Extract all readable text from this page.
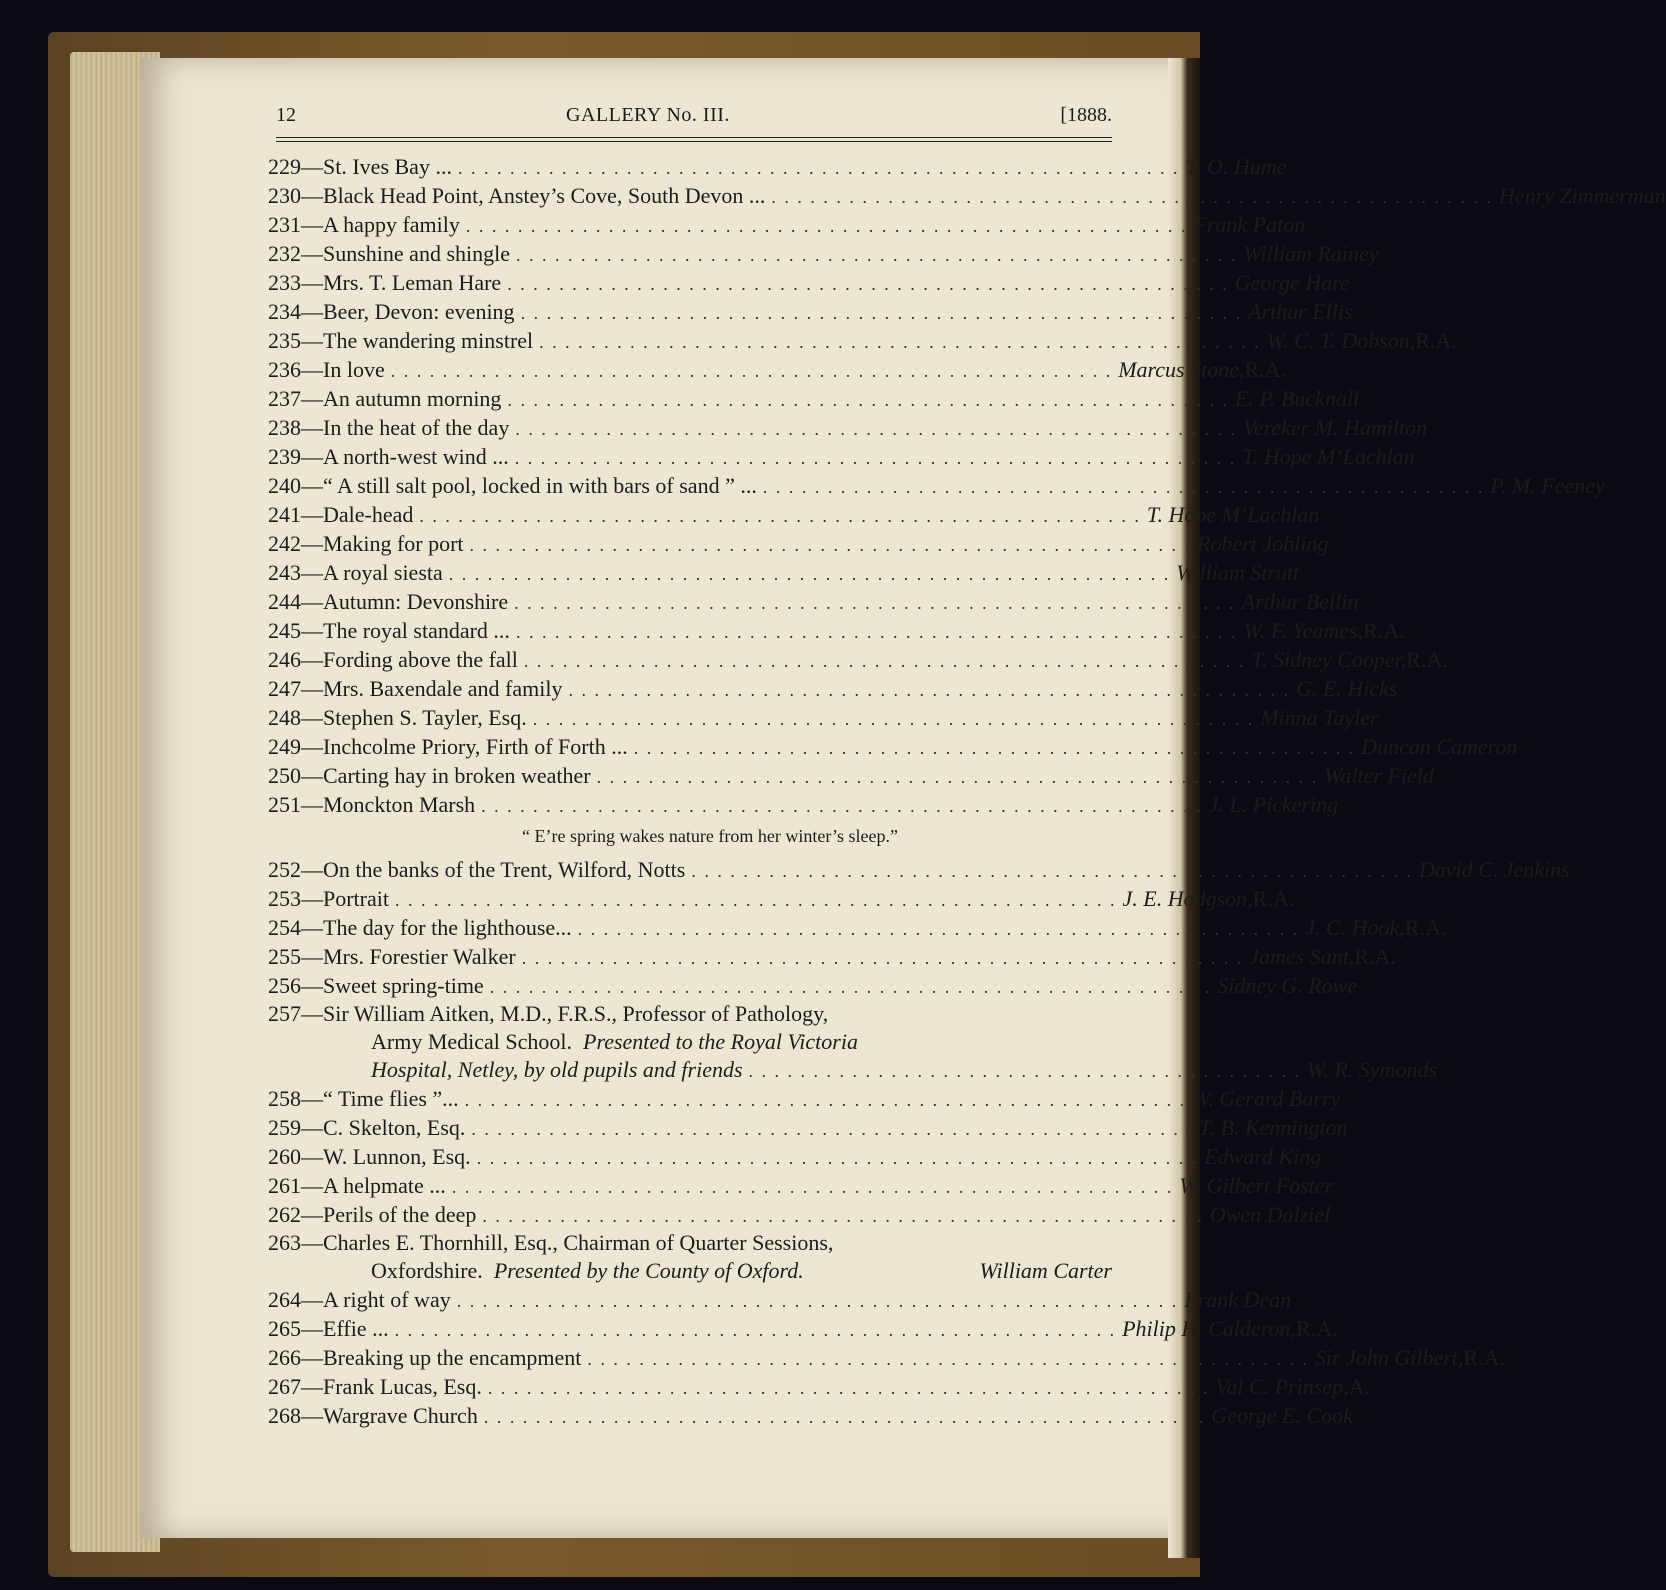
12	GALLERY No. III.	[1888.
229— St. Ives Bay ... . . . . . . . . . . . . . . . . . . . . . . . . . . . . . . . . . . . . . . . . . . . . . . . . . . . . . . . . T. O. Hume
230— Black Head Point, Anstey’s Cove, South Devon ... . . . . . . . . . . . . . . . . . . . . . . . . . . . . . . . . . . . . . . . . . . . . . . . . . . . . . . . . Henry Zimmerman
231— A happy family . . . . . . . . . . . . . . . . . . . . . . . . . . . . . . . . . . . . . . . . . . . . . . . . . . . . . . . . Frank Paton
232— Sunshine and shingle . . . . . . . . . . . . . . . . . . . . . . . . . . . . . . . . . . . . . . . . . . . . . . . . . . . . . . . . William Rainey
233— Mrs. T. Leman Hare . . . . . . . . . . . . . . . . . . . . . . . . . . . . . . . . . . . . . . . . . . . . . . . . . . . . . . . . George Hare
234— Beer, Devon: evening . . . . . . . . . . . . . . . . . . . . . . . . . . . . . . . . . . . . . . . . . . . . . . . . . . . . . . . . Arthur Ellis
235— The wandering minstrel . . . . . . . . . . . . . . . . . . . . . . . . . . . . . . . . . . . . . . . . . . . . . . . . . . . . . . . . W. C. T. Dobson, R.A.
236— In love . . . . . . . . . . . . . . . . . . . . . . . . . . . . . . . . . . . . . . . . . . . . . . . . . . . . . . . . Marcus Stone, R.A.
237— An autumn morning . . . . . . . . . . . . . . . . . . . . . . . . . . . . . . . . . . . . . . . . . . . . . . . . . . . . . . . . E. P. Bucknall
238— In the heat of the day . . . . . . . . . . . . . . . . . . . . . . . . . . . . . . . . . . . . . . . . . . . . . . . . . . . . . . . . Vereker M. Hamilton
239— A north-west wind ... . . . . . . . . . . . . . . . . . . . . . . . . . . . . . . . . . . . . . . . . . . . . . . . . . . . . . . . . T. Hope M‘Lachlan
240— “ A still salt pool, locked in with bars of sand ” ... . . . . . . . . . . . . . . . . . . . . . . . . . . . . . . . . . . . . . . . . . . . . . . . . . . . . . . . . P. M. Feeney
241— Dale-head . . . . . . . . . . . . . . . . . . . . . . . . . . . . . . . . . . . . . . . . . . . . . . . . . . . . . . . . T. Hope M‘Lachlan
242— Making for port . . . . . . . . . . . . . . . . . . . . . . . . . . . . . . . . . . . . . . . . . . . . . . . . . . . . . . . . Robert Jobling
243— A royal siesta . . . . . . . . . . . . . . . . . . . . . . . . . . . . . . . . . . . . . . . . . . . . . . . . . . . . . . . . William Strutt
244— Autumn: Devonshire . . . . . . . . . . . . . . . . . . . . . . . . . . . . . . . . . . . . . . . . . . . . . . . . . . . . . . . . Arthur Bellin
245— The royal standard ... . . . . . . . . . . . . . . . . . . . . . . . . . . . . . . . . . . . . . . . . . . . . . . . . . . . . . . . . W. F. Yeames, R.A.
246— Fording above the fall . . . . . . . . . . . . . . . . . . . . . . . . . . . . . . . . . . . . . . . . . . . . . . . . . . . . . . . . T. Sidney Cooper, R.A.
247— Mrs. Baxendale and family . . . . . . . . . . . . . . . . . . . . . . . . . . . . . . . . . . . . . . . . . . . . . . . . . . . . . . . . G. E. Hicks
248— Stephen S. Tayler, Esq. . . . . . . . . . . . . . . . . . . . . . . . . . . . . . . . . . . . . . . . . . . . . . . . . . . . . . . . . Minna Tayler
249— Inchcolme Priory, Firth of Forth ... . . . . . . . . . . . . . . . . . . . . . . . . . . . . . . . . . . . . . . . . . . . . . . . . . . . . . . . . Duncan Cameron
250— Carting hay in broken weather . . . . . . . . . . . . . . . . . . . . . . . . . . . . . . . . . . . . . . . . . . . . . . . . . . . . . . . . Walter Field
251— Monckton Marsh . . . . . . . . . . . . . . . . . . . . . . . . . . . . . . . . . . . . . . . . . . . . . . . . . . . . . . . . J. L. Pickering
“ E’re spring wakes nature from her winter’s sleep.”
252— On the banks of the Trent, Wilford, Notts . . . . . . . . . . . . . . . . . . . . . . . . . . . . . . . . . . . . . . . . . . . . . . . . . . . . . . . . David C. Jenkins
253— Portrait . . . . . . . . . . . . . . . . . . . . . . . . . . . . . . . . . . . . . . . . . . . . . . . . . . . . . . . . J. E. Hodgson, R.A.
254— The day for the lighthouse... . . . . . . . . . . . . . . . . . . . . . . . . . . . . . . . . . . . . . . . . . . . . . . . . . . . . . . . . J. C. Hook, R.A.
255— Mrs. Forestier Walker . . . . . . . . . . . . . . . . . . . . . . . . . . . . . . . . . . . . . . . . . . . . . . . . . . . . . . . . James Sant, R.A.
256— Sweet spring-time . . . . . . . . . . . . . . . . . . . . . . . . . . . . . . . . . . . . . . . . . . . . . . . . . . . . . . . . Sidney G. Rowe
257— Sir William Aitken, M.D., F.R.S., Professor of Pathology,
Army Medical School.
Presented to the Royal Victoria
Hospital, Netley, by old pupils and friends . . . . . . . . . . . . . . . . . . . . . . . . . . . . . . . . . . . . . . . . . . . W. R. Symonds
258— “ Time flies ”... . . . . . . . . . . . . . . . . . . . . . . . . . . . . . . . . . . . . . . . . . . . . . . . . . . . . . . . . W. Gerard Barry
259— C. Skelton, Esq. . . . . . . . . . . . . . . . . . . . . . . . . . . . . . . . . . . . . . . . . . . . . . . . . . . . . . . . . T. B. Kennington
260— W. Lunnon, Esq. . . . . . . . . . . . . . . . . . . . . . . . . . . . . . . . . . . . . . . . . . . . . . . . . . . . . . . . . Edward King
261— A helpmate ... . . . . . . . . . . . . . . . . . . . . . . . . . . . . . . . . . . . . . . . . . . . . . . . . . . . . . . . . W. Gilbert Foster
262— Perils of the deep . . . . . . . . . . . . . . . . . . . . . . . . . . . . . . . . . . . . . . . . . . . . . . . . . . . . . . . . Owen Dalziel
263— Charles E. Thornhill, Esq., Chairman of Quarter Sessions,
Oxfordshire.
Presented by the County of Oxford.	William Carter
264— A right of way . . . . . . . . . . . . . . . . . . . . . . . . . . . . . . . . . . . . . . . . . . . . . . . . . . . . . . . . Frank Dean
265— Effie ... . . . . . . . . . . . . . . . . . . . . . . . . . . . . . . . . . . . . . . . . . . . . . . . . . . . . . . . . Philip H. Calderon, R.A.
266— Breaking up the encampment . . . . . . . . . . . . . . . . . . . . . . . . . . . . . . . . . . . . . . . . . . . . . . . . . . . . . . . . Sir John Gilbert, R.A.
267— Frank Lucas, Esq. . . . . . . . . . . . . . . . . . . . . . . . . . . . . . . . . . . . . . . . . . . . . . . . . . . . . . . . . Val C. Prinsep, A.
268— Wargrave Church . . . . . . . . . . . . . . . . . . . . . . . . . . . . . . . . . . . . . . . . . . . . . . . . . . . . . . . . George E. Cook
